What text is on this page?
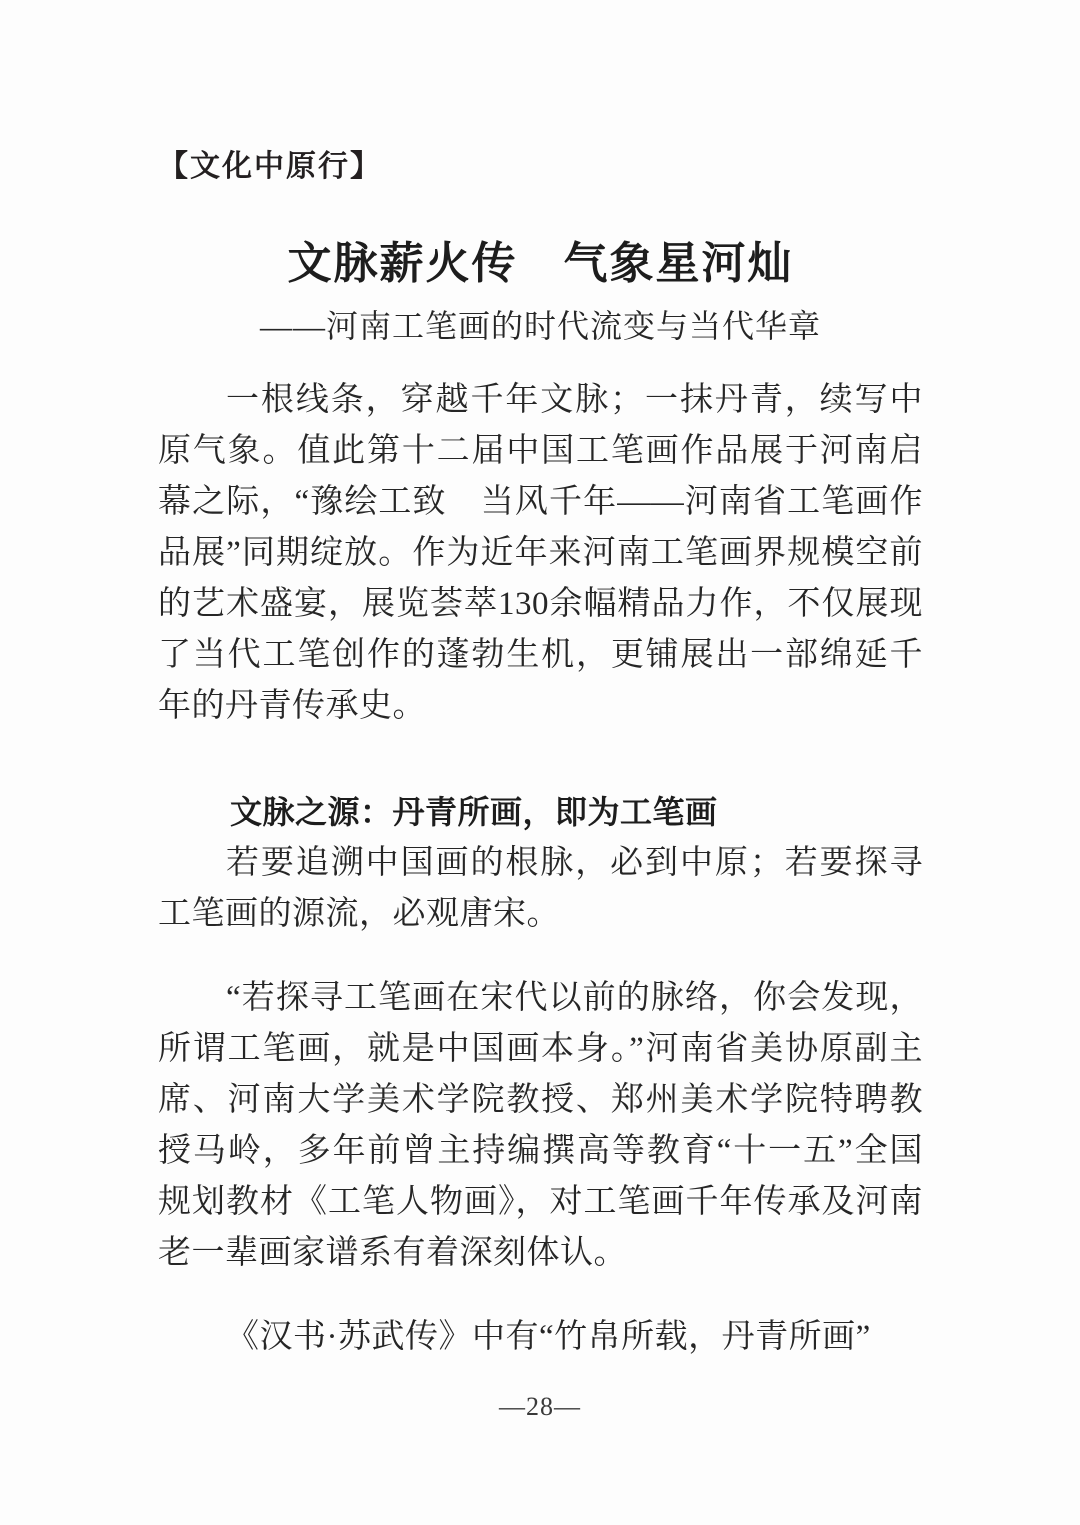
【文化中原行】
文脉薪火传　气象星河灿
——河南工笔画的时代流变与当代华章

一根线条，穿越千年文脉；一抹丹青，续写中原气象。值此第十二届中国工笔画作品展于河南启幕之际，“豫绘工致　当风千年——河南省工笔画作品展”同期绽放。作为近年来河南工笔画界规模空前的艺术盛宴，展览荟萃130余幅精品力作，不仅展现了当代工笔创作的蓬勃生机，更铺展出一部绵延千年的丹青传承史。

文脉之源：丹青所画，即为工笔画

若要追溯中国画的根脉，必到中原；若要探寻工笔画的源流，必观唐宋。

“若探寻工笔画在宋代以前的脉络，你会发现，所谓工笔画，就是中国画本身。”河南省美协原副主席、河南大学美术学院教授、郑州美术学院特聘教授马岭，多年前曾主持编撰高等教育“十一五”全国规划教材《工笔人物画》，对工笔画千年传承及河南老一辈画家谱系有着深刻体认。

《汉书·苏武传》中有“竹帛所载，丹青所画”

—28—
